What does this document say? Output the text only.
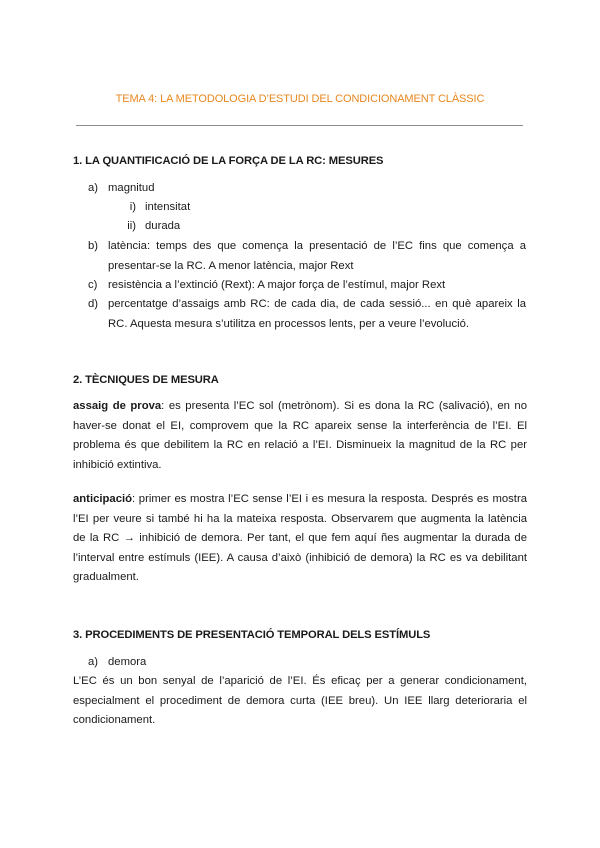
TEMA 4: LA METODOLOGIA D’ESTUDI DEL CONDICIONAMENT CLÀSSIC
1. LA QUANTIFICACIÓ DE LA FORÇA DE LA RC: MESURES
a) magnitud
i) intensitat
ii) durada
b) latència: temps des que comença la presentació de l’EC fins que comença a presentar-se la RC. A menor latència, major Rext
c) resistència a l’extinció (Rext): A major força de l’estímul, major Rext
d) percentatge d’assaigs amb RC: de cada dia, de cada sessió... en què apareix la RC. Aquesta mesura s’utilitza en processos lents, per a veure l’evolució.
2. TÈCNIQUES DE MESURA
assaig de prova: es presenta l’EC sol (metrònom). Si es dona la RC (salivació), en no haver-se donat el EI, comprovem que la RC apareix sense la interferència de l’EI. El problema és que debilitem la RC en relació a l’EI. Disminueix la magnitud de la RC per inhibició extintiva.
anticipació: primer es mostra l’EC sense l’EI i es mesura la resposta. Després es mostra l’EI per veure si també hi ha la mateixa resposta. Observarem que augmenta la latència de la RC → inhibició de demora. Per tant, el que fem aquí ñes augmentar la durada de l’interval entre estímuls (IEE). A causa d’això (inhibició de demora) la RC es va debilitant gradualment.
3. PROCEDIMENTS DE PRESENTACIÓ TEMPORAL DELS ESTÍMULS
a) demora
L’EC és un bon senyal de l’aparició de l’EI. És eficaç per a generar condicionament, especialment el procediment de demora curta (IEE breu). Un IEE llarg deterioraria el condicionament.
